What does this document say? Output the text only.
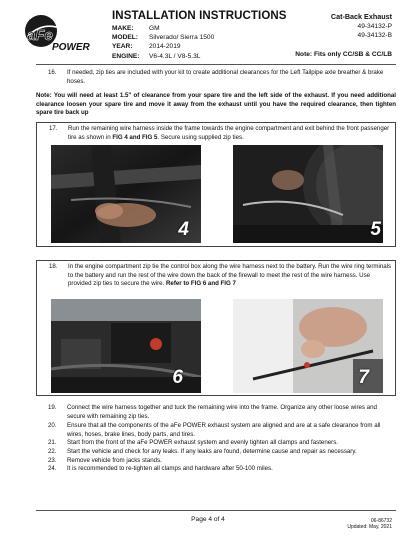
aFe
POWER
INSTALLATION INSTRUCTIONS
MAKE:	GM
MODEL:	Silverado/ Sierra 1500
YEAR:	2014-2019
ENGINE:	V6-4.3L / V8-5.3L
Cat-Back Exhaust
49-34132-P
49-34132-B
Note: Fits only CC/SB & CC/LB
16.	If needed, zip ties are included with your kit to create additional clearances for the Left Tailpipe axle breather & brake hoses.
Note: You will need at least 1.5" of clearance from your spare tire and the left side of the exhaust. If you need additional clearance loosen your spare tire and move it away from the exhaust until you have the required clearance, then tighten spare tire back up
17.	Run the remaining wire harness inside the frame towards the engine compartment and exit behind the front passenger tire as shown in FIG 4 and FIG 5. Secure using supplied zip ties.
4	5
18.	In the engine compartment zip tie the control box along the wire harness next to the battery. Run the wire ring terminals to the battery and run the rest of the wire down the back of the firewall to meet the rest of the wire harness. Use provided zip ties to secure the wire. Refer to FIG 6 and FIG 7
6	7
19.	Connect the wire harness together and tuck the remaining wire into the frame. Organize any other loose wires and secure with remaining zip ties.
20.	Ensure that all the components of the aFe POWER exhaust system are aligned and are at a safe clearance from all wires, hoses, brake lines, body parts, and tires.
21.	Start from the front of the aFe POWER exhaust system and evenly tighten all clamps and fasteners.
22.	Start the vehicle and check for any leaks. If any leaks are found, determine cause and repair as necessary.
23.	Remove vehicle from jacks stands.
24.	It is recommended to re-tighten all clamps and hardware after 50-100 miles.
Page 4 of 4	06-86732
Updated: May, 2021
